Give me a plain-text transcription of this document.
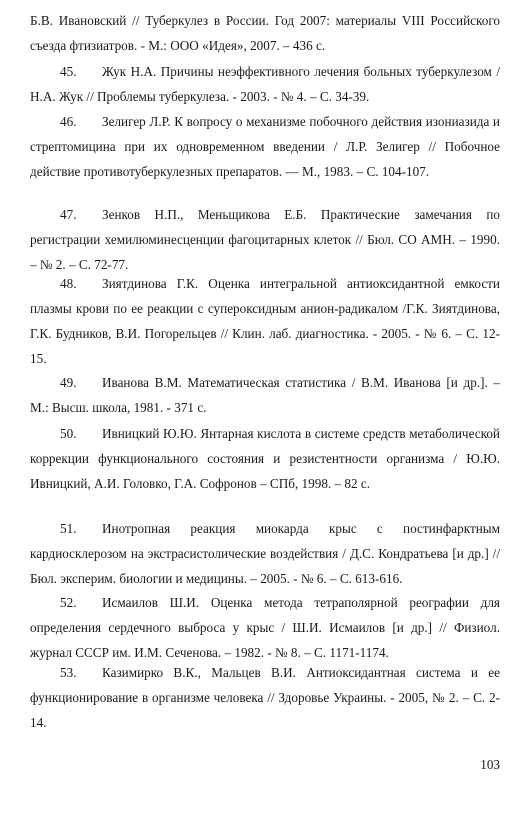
Б.В. Ивановский // Туберкулез в России. Год 2007: материалы VIII Российского съезда фтизиатров. - М.: ООО «Идея», 2007. – 436 с.
45. Жук Н.А. Причины неэффективного лечения больных туберкулезом / Н.А. Жук // Проблемы туберкулеза. - 2003. - № 4. – С. 34-39.
46. Зелигер Л.Р. К вопросу о механизме побочного действия изониазида и стрептомицина при их одновременном введении / Л.Р. Зелигер // Побочное действие противотуберкулезных препаратов. — М., 1983. – С. 104-107.
47. Зенков Н.П., Меньщикова Е.Б. Практические замечания по регистрации хемилюминесценции фагоцитарных клеток // Бюл. СО АМН. – 1990. – № 2. – С. 72-77.
48. Зиятдинова Г.К. Оценка интегральной антиоксидантной емкости плазмы крови по ее реакции с супероксидным анион-радикалом /Г.К. Зиятдинова, Г.К. Будников, В.И. Погорельцев // Клин. лаб. диагностика. - 2005. - № 6. – С. 12-15.
49. Иванова В.М. Математическая статистика / В.М. Иванова [и др.]. – М.: Высш. школа, 1981. - 371 с.
50. Ивницкий Ю.Ю. Янтарная кислота в системе средств метаболической коррекции функционального состояния и резистентности организма / Ю.Ю. Ивницкий, А.И. Головко, Г.А. Софронов – СПб, 1998. – 82 с.
51. Инотропная реакция миокарда крыс с постинфарктным кардиосклерозом на экстрасистолические воздействия / Д.С. Кондратьева [и др.] // Бюл. эксперим. биологии и медицины. – 2005. - № 6. – С. 613-616.
52. Исмаилов Ш.И. Оценка метода тетраполярной реографии для определения сердечного выброса у крыс / Ш.И. Исмаилов [и др.] // Физиол. журнал СССР им. И.М. Сеченова. – 1982. - № 8. – С. 1171-1174.
53. Казимирко В.К., Мальцев В.И. Антиоксидантная система и ее функционирование в организме человека // Здоровье Украины. - 2005, № 2. – С. 2-14.
103
